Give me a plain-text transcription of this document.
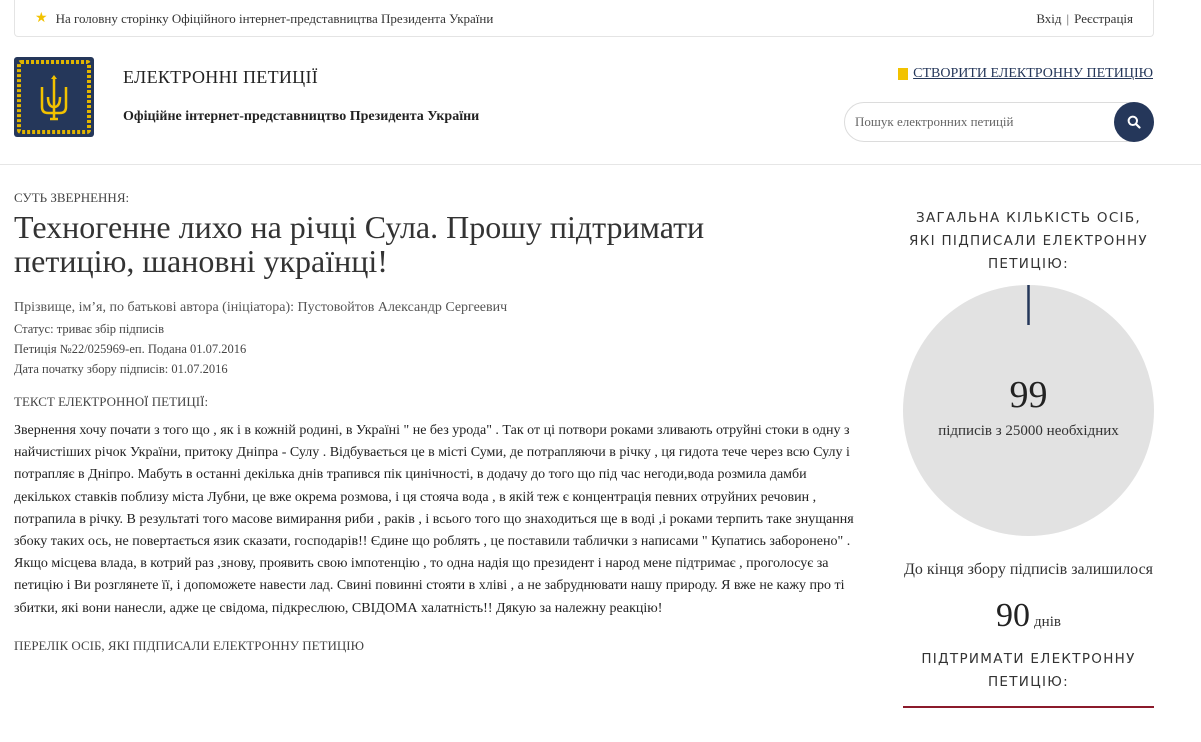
★ На головну сторінку Офіційного інтернет-представництва Президента України	Вхід | Реєстрація
ЕЛЕКТРОННІ ПЕТИЦІЇ
Офіційне інтернет-представництво Президента України
СТВОРИТИ ЕЛЕКТРОННУ ПЕТИЦІЮ
Пошук електронних петицій
СУТЬ ЗВЕРНЕННЯ:
Техногенне лихо на річці Сула. Прошу підтримати петицію, шановні українці!
Прізвище, ім’я, по батькові автора (ініціатора): Пустовойтов Александр Сергеевич
Статус: триває збір підписів
Петиція №22/025969-еп. Подана 01.07.2016
Дата початку збору підписів: 01.07.2016
ТЕКСТ ЕЛЕКТРОННОЇ ПЕТИЦІЇ:
Звернення хочу почати з того що , як і в кожній родині, в Україні " не без урода" . Так от ці потвори роками зливають отруйні стоки в одну з найчистіших річок України, притоку Дніпра - Сулу . Відбувається це в місті Суми, де потрапляючи в річку , ця гидота тече через всю Сулу і потрапляє в Дніпро. Мабуть в останні декілька днів трапився пік цинічності, в додачу до того що під час негоди,вода розмила дамби декількох ставків поблизу міста Лубни, це вже окрема розмова, і ця стояча вода , в якій теж є концентрація певних отруйних речовин , потрапила в річку. В результаті того масове вимирання риби , раків , і всього того що знаходиться ще в воді ,і роками терпить таке знущання збоку таких ось, не повертається язик сказати, господарів!! Єдине що роблять , це поставили таблички з написами " Купатись заборонено" . Якщо місцева влада, в котрий раз ,знову, проявить свою імпотенцію , то одна надія що президент і народ мене підтримає , проголосує за петицію і Ви розглянете її, і допоможете навести лад. Свині повинні стояти в хліві , а не забруднювати нашу природу. Я вже не кажу про ті збитки, які вони нанесли, адже це свідома, підкреслюю, СВІДОМА халатність!! Дякую за належну реакцію!
ПЕРЕЛІК ОСІБ, ЯКІ ПІДПИСАЛИ ЕЛЕКТРОННУ ПЕТИЦІЮ
ЗАГАЛЬНА КІЛЬКІСТЬ ОСІБ, ЯКІ ПІДПИСАЛИ ЕЛЕКТРОННУ ПЕТИЦІЮ:
99
підписів з 25000 необхідних
До кінця збору підписів залишилося
90 днів
ПІДТРИМАТИ ЕЛЕКТРОННУ ПЕТИЦІЮ:
